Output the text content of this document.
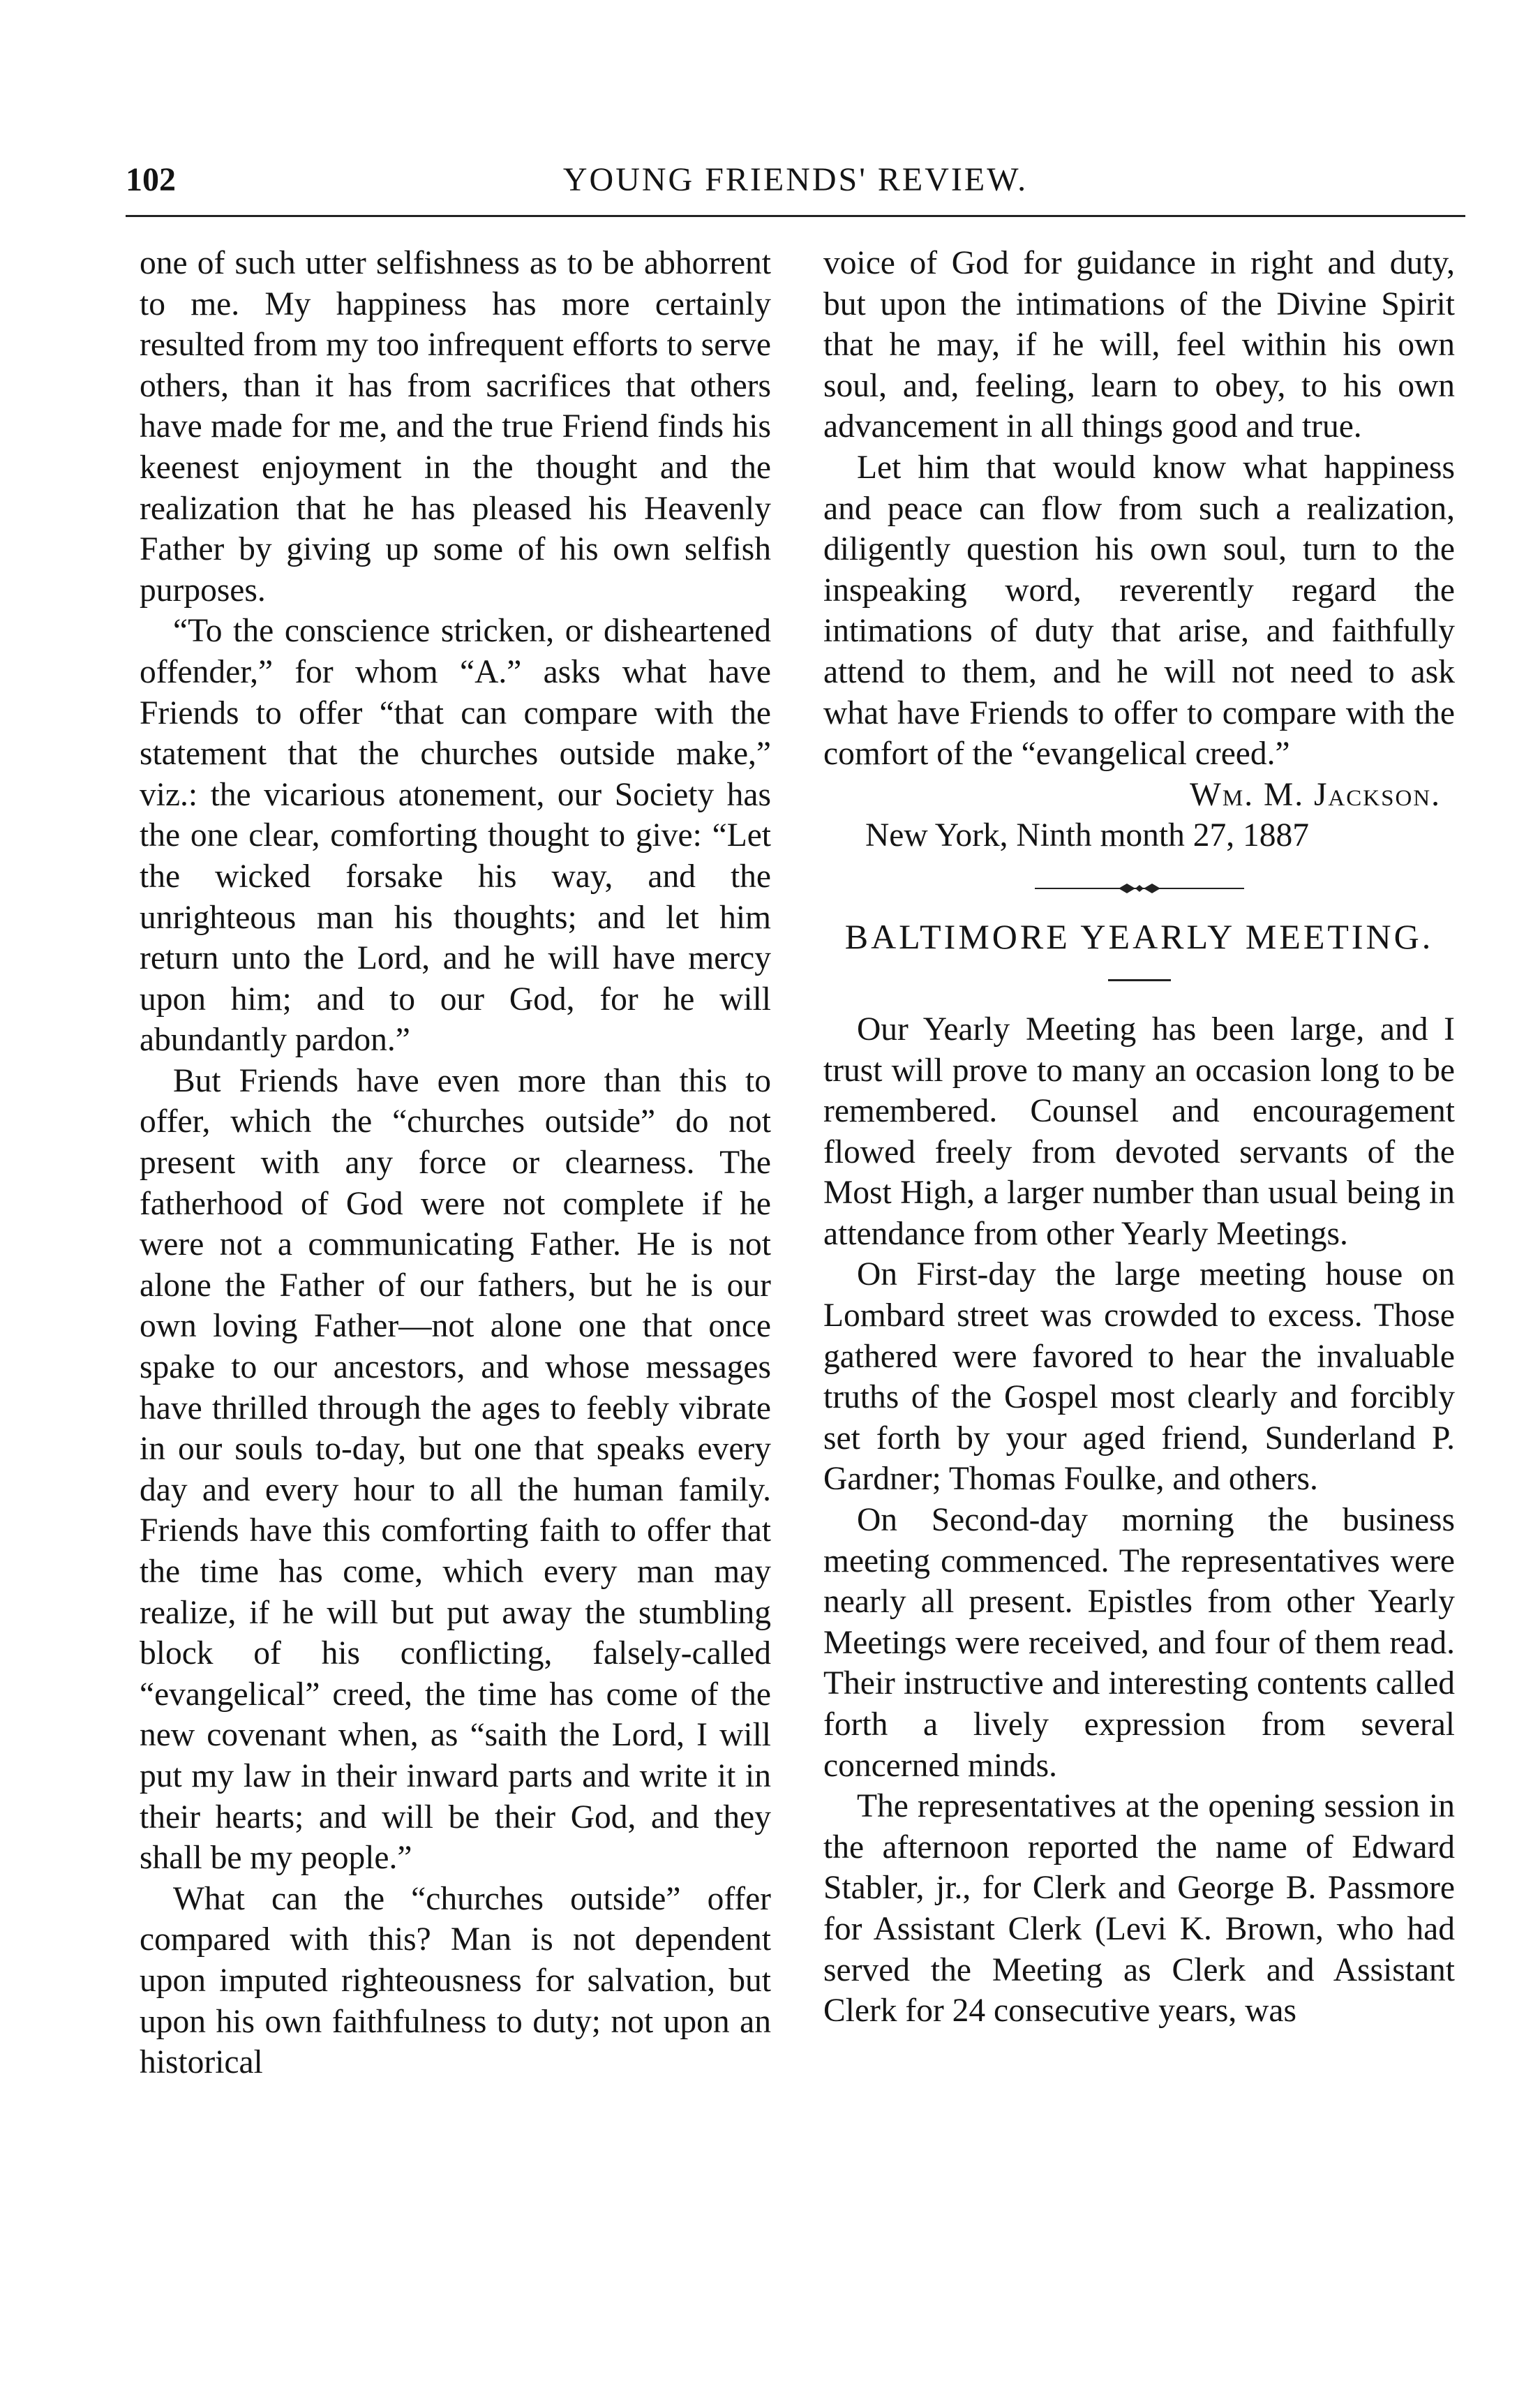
102	YOUNG FRIENDS' REVIEW.

one of such utter selfishness as to be abhorrent to me. My happiness has more certainly resulted from my too infrequent efforts to serve others, than it has from sacrifices that others have made for me, and the true Friend finds his keenest enjoyment in the thought and the realization that he has pleased his Heavenly Father by giving up some of his own selfish purposes.

“To the conscience stricken, or disheartened offender,” for whom “A.” asks what have Friends to offer “that can compare with the statement that the churches outside make,” viz.: the vicarious atonement, our Society has the one clear, comforting thought to give: “Let the wicked forsake his way, and the unrighteous man his thoughts; and let him return unto the Lord, and he will have mercy upon him; and to our God, for he will abundantly pardon.”

But Friends have even more than this to offer, which the “churches outside” do not present with any force or clearness. The fatherhood of God were not complete if he were not a communicating Father. He is not alone the Father of our fathers, but he is our own loving Father—not alone one that once spake to our ancestors, and whose messages have thrilled through the ages to feebly vibrate in our souls to-day, but one that speaks every day and every hour to all the human family. Friends have this comforting faith to offer that the time has come, which every man may realize, if he will but put away the stumbling block of his conflicting, falsely-called “evangelical” creed, the time has come of the new covenant when, as “saith the Lord, I will put my law in their inward parts and write it in their hearts; and will be their God, and they shall be my people.”

What can the “churches outside” offer compared with this? Man is not dependent upon imputed righteousness for salvation, but upon his own faithfulness to duty; not upon an historical

voice of God for guidance in right and duty, but upon the intimations of the Divine Spirit that he may, if he will, feel within his own soul, and, feeling, learn to obey, to his own advancement in all things good and true.

Let him that would know what happiness and peace can flow from such a realization, diligently question his own soul, turn to the inspeaking word, reverently regard the intimations of duty that arise, and faithfully attend to them, and he will not need to ask what have Friends to offer to compare with the comfort of the “evangelical creed.”

Wm. M. Jackson.

New York, Ninth month 27, 1887

BALTIMORE YEARLY MEETING.

Our Yearly Meeting has been large, and I trust will prove to many an occasion long to be remembered. Counsel and encouragement flowed freely from devoted servants of the Most High, a larger number than usual being in attendance from other Yearly Meetings.

On First-day the large meeting house on Lombard street was crowded to excess. Those gathered were favored to hear the invaluable truths of the Gospel most clearly and forcibly set forth by your aged friend, Sunderland P. Gardner; Thomas Foulke, and others.

On Second-day morning the business meeting commenced. The representatives were nearly all present. Epistles from other Yearly Meetings were received, and four of them read. Their instructive and interesting contents called forth a lively expression from several concerned minds.

The representatives at the opening session in the afternoon reported the name of Edward Stabler, jr., for Clerk and George B. Passmore for Assistant Clerk (Levi K. Brown, who had served the Meeting as Clerk and Assistant Clerk for 24 consecutive years, was
